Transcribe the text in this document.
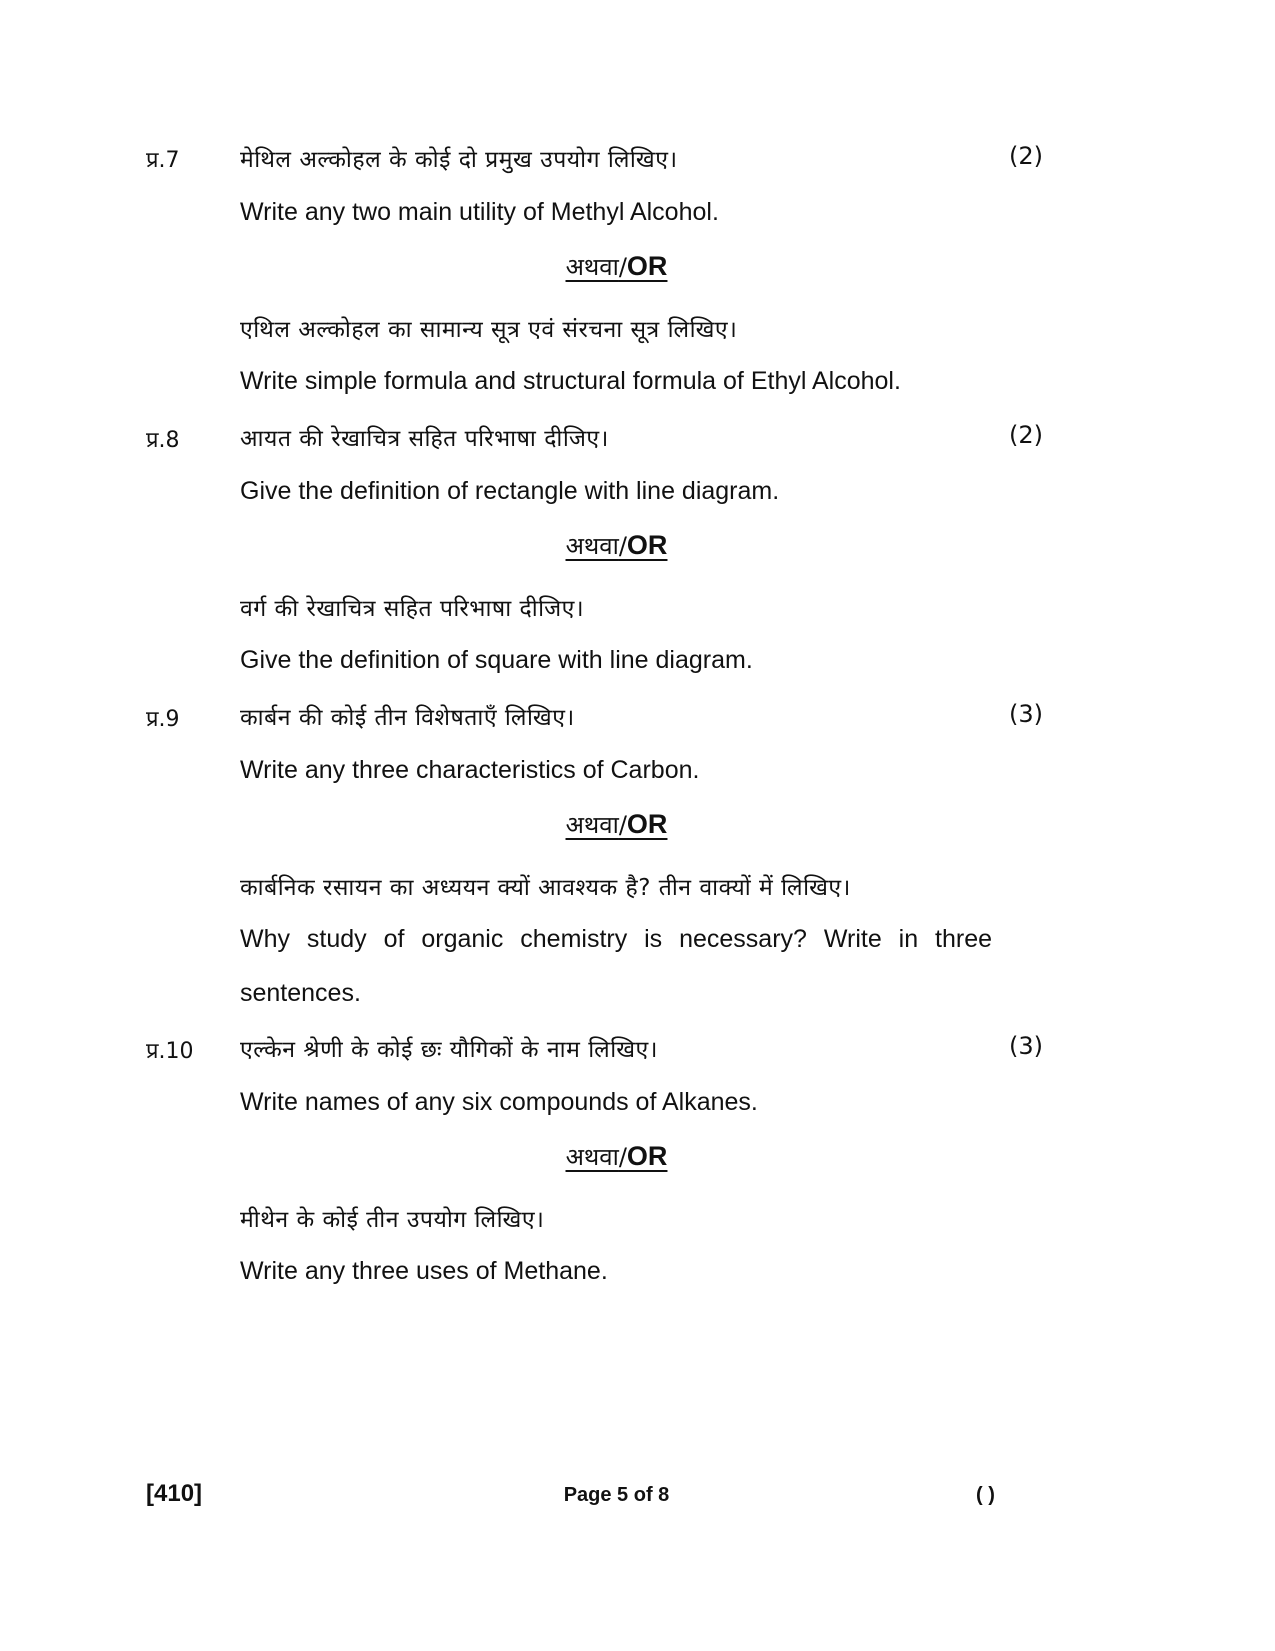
प्र.7	मेथिल अल्कोहल के कोई दो प्रमुख उपयोग लिखिए।	(2)
Write any two main utility of Methyl Alcohol.
अथवा/OR
एथिल अल्कोहल का सामान्य सूत्र एवं संरचना सूत्र लिखिए।
Write simple formula and structural formula of Ethyl Alcohol.
प्र.8	आयत की रेखाचित्र सहित परिभाषा दीजिए।	(2)
Give the definition of rectangle with line diagram.
अथवा/OR
वर्ग की रेखाचित्र सहित परिभाषा दीजिए।
Give the definition of square with line diagram.
प्र.9	कार्बन की कोई तीन विशेषताएँ लिखिए।	(3)
Write any three characteristics of Carbon.
अथवा/OR
कार्बनिक रसायन का अध्ययन क्यों आवश्यक है? तीन वाक्यों में लिखिए।
Why study of organic chemistry is necessary? Write in three
sentences.
प्र.10 एल्केन श्रेणी के कोई छः यौगिकों के नाम लिखिए।	(3)
Write names of any six compounds of Alkanes.
अथवा/OR
मीथेन के कोई तीन उपयोग लिखिए।
Write any three uses of Methane.
[410]	Page 5 of 8	( )
